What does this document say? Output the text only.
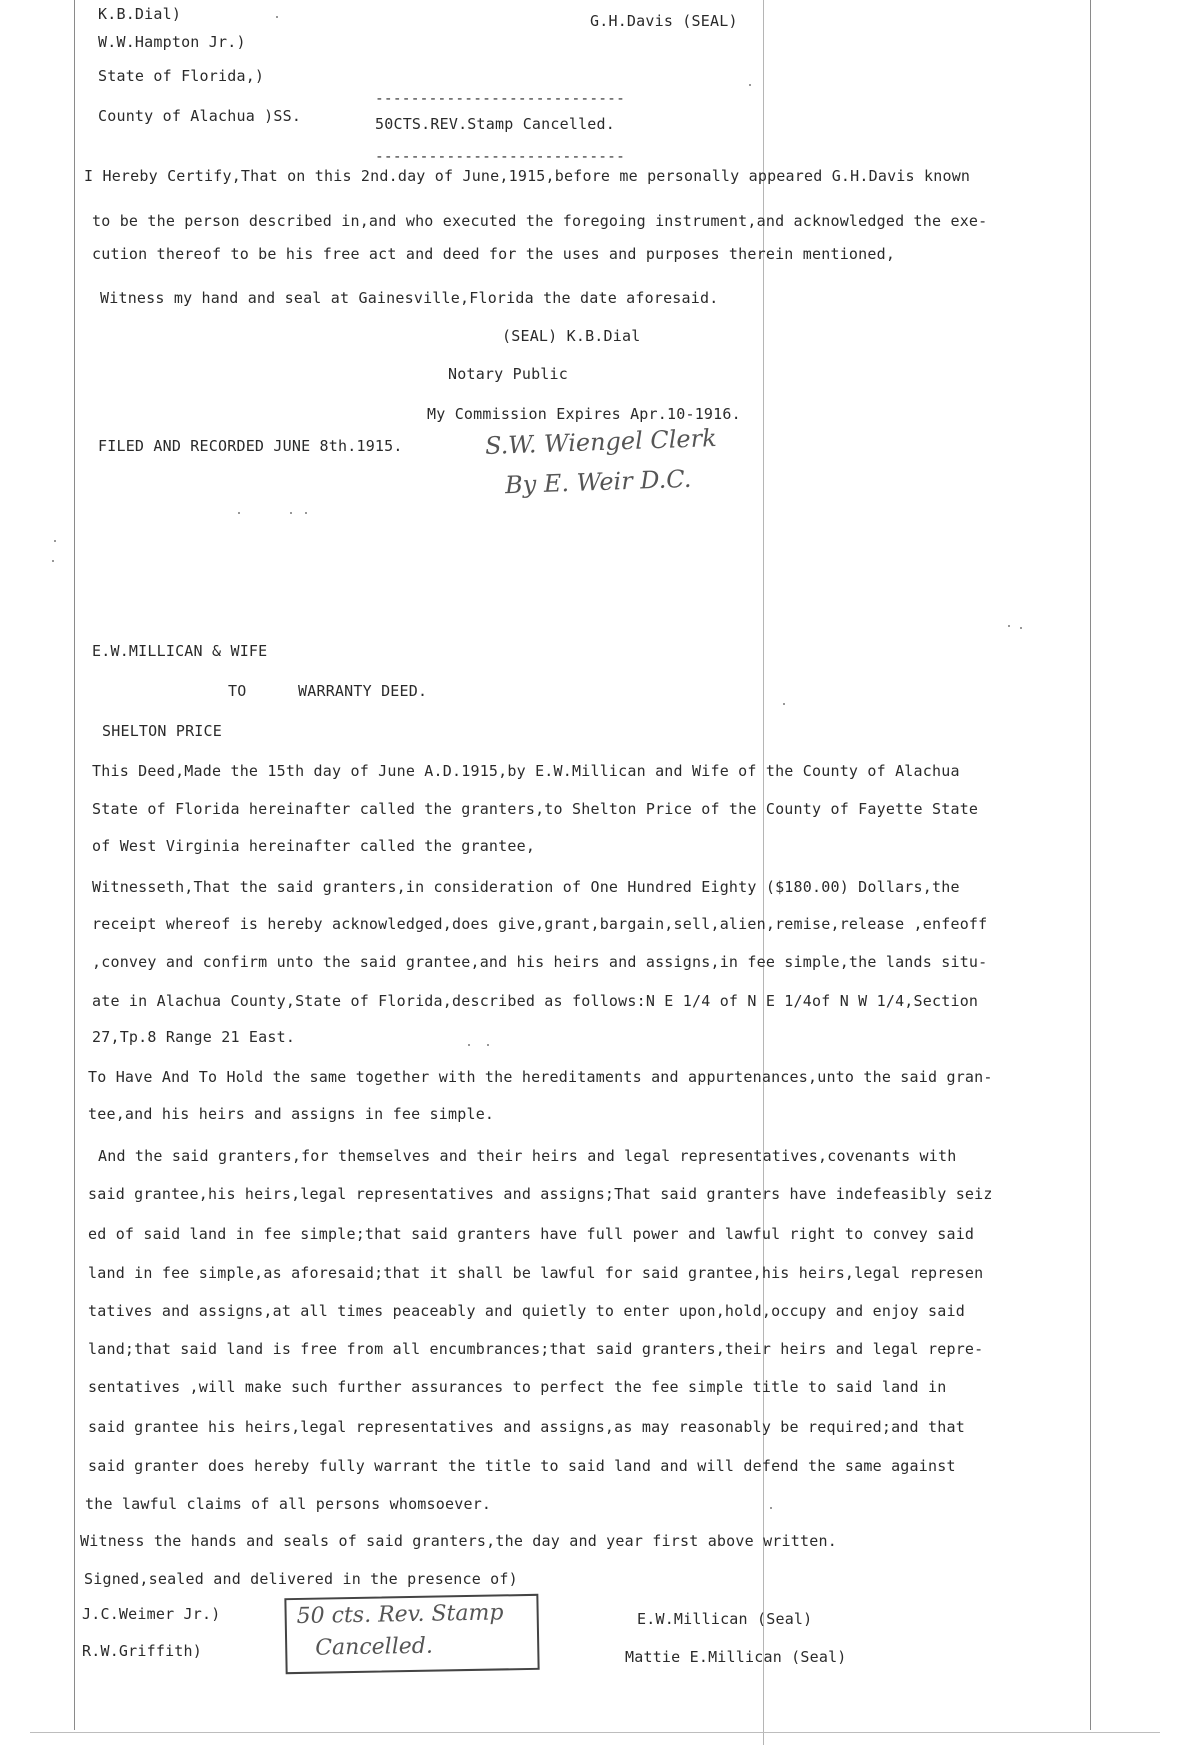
K.B.Dial)	G.H.Davis (SEAL)
W.W.Hampton Jr.)
State of Florida,)
----------------------------
County of Alachua )SS.	50CTS.REV.Stamp Cancelled.
----------------------------
I Hereby Certify,That on this 2nd.day of June,1915,before me personally appeared G.H.Davis known
to be the person described in,and who executed the foregoing instrument,and acknowledged the exe-
cution thereof to be his free act and deed for the uses and purposes therein mentioned,
Witness my hand and seal at Gainesville,Florida the date aforesaid.
(SEAL) K.B.Dial
Notary Public
My Commission Expires Apr.10-1916.
FILED AND RECORDED JUNE 8th.1915.	S.W. Wiengel Clerk
By E. Weir D.C.
E.W.MILLICAN & WIFE
TO	WARRANTY DEED.
SHELTON PRICE
This Deed,Made the 15th day of June A.D.1915,by E.W.Millican and Wife of the County of Alachua
State of Florida hereinafter called the granters,to Shelton Price of the County of Fayette State
of West Virginia hereinafter called the grantee,
Witnesseth,That the said granters,in consideration of One Hundred Eighty ($180.00) Dollars,the
receipt whereof is hereby acknowledged,does give,grant,bargain,sell,alien,remise,release ,enfeoff
,convey and confirm unto the said grantee,and his heirs and assigns,in fee simple,the lands situ-
ate in Alachua County,State of Florida,described as follows:N E 1/4 of N E 1/4of N W 1/4,Section
27,Tp.8 Range 21 East.
To Have And To Hold the same together with the hereditaments and appurtenances,unto the said gran-
tee,and his heirs and assigns in fee simple.
And the said granters,for themselves and their heirs and legal representatives,covenants with
said grantee,his heirs,legal representatives and assigns;That said granters have indefeasibly seiz
ed of said land in fee simple;that said granters have full power and lawful right to convey said
land in fee simple,as aforesaid;that it shall be lawful for said grantee,his heirs,legal represen
tatives and assigns,at all times peaceably and quietly to enter upon,hold,occupy and enjoy said
land;that said land is free from all encumbrances;that said granters,their heirs and legal repre-
sentatives ,will make such further assurances to perfect the fee simple title to said land in
said grantee his heirs,legal representatives and assigns,as may reasonably be required;and that
said granter does hereby fully warrant the title to said land and will defend the same against
the lawful claims of all persons whomsoever.
Witness the hands and seals of said granters,the day and year first above written.
Signed,sealed and delivered in the presence of)
J.C.Weimer Jr.)
R.W.Griffith)
50 cts. Rev. Stamp
Cancelled.
E.W.Millican (Seal)
Mattie E.Millican (Seal)
